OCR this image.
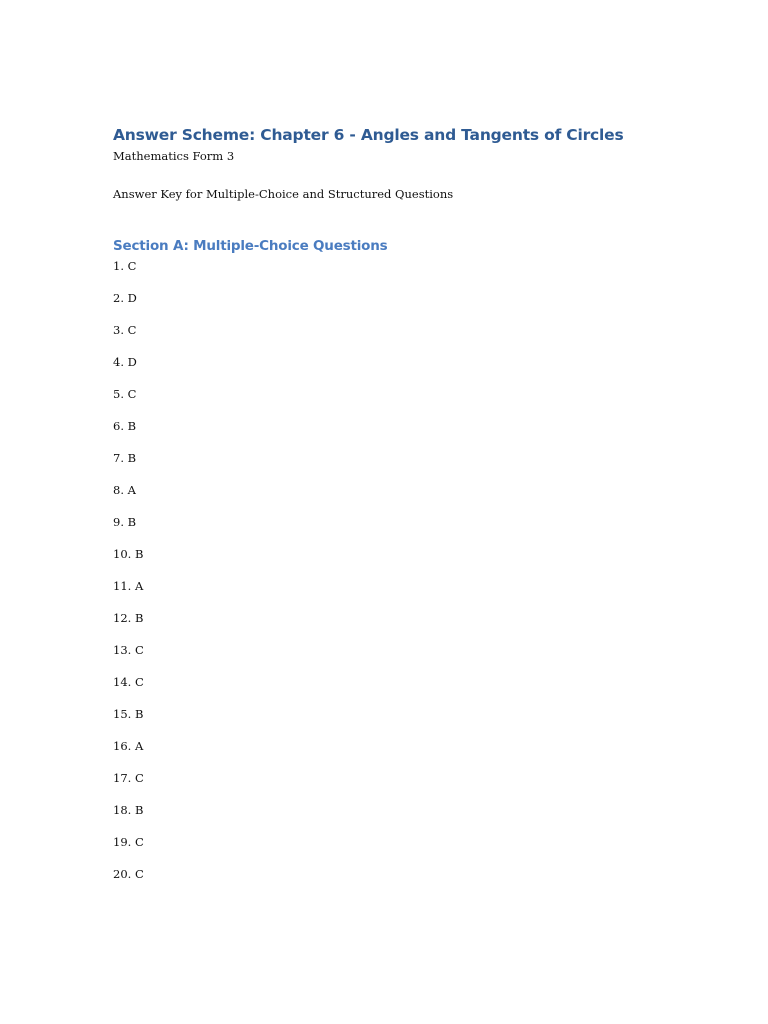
Answer Scheme: Chapter 6 - Angles and Tangents of Circles

Mathematics Form 3

Answer Key for Multiple-Choice and Structured Questions

Section A: Multiple-Choice Questions
1. C
2. D
3. C
4. D
5. C
6. B
7. B
8. A
9. B
10. B
11. A
12. B
13. C
14. C
15. B
16. A
17. C
18. B
19. C
20. C
